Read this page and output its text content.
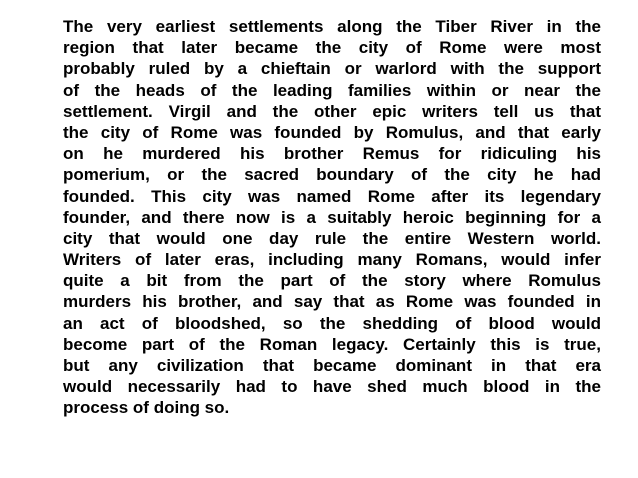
The very earliest settlements along the Tiber River in the
region that later became the city of Rome were most
probably ruled by a chieftain or warlord with the support
of the heads of the leading families within or near the
settlement. Virgil and the other epic writers tell us that
the city of Rome was founded by Romulus, and that early
on he murdered his brother Remus for ridiculing his
pomerium, or the sacred boundary of the city he had
founded. This city was named Rome after its legendary
founder, and there now is a suitably heroic beginning for a
city that would one day rule the entire Western world.
Writers of later eras, including many Romans, would infer
quite a bit from the part of the story where Romulus
murders his brother, and say that as Rome was founded in
an act of bloodshed, so the shedding of blood would
become part of the Roman legacy. Certainly this is true,
but any civilization that became dominant in that era
would necessarily had to have shed much blood in the
process of doing so.
